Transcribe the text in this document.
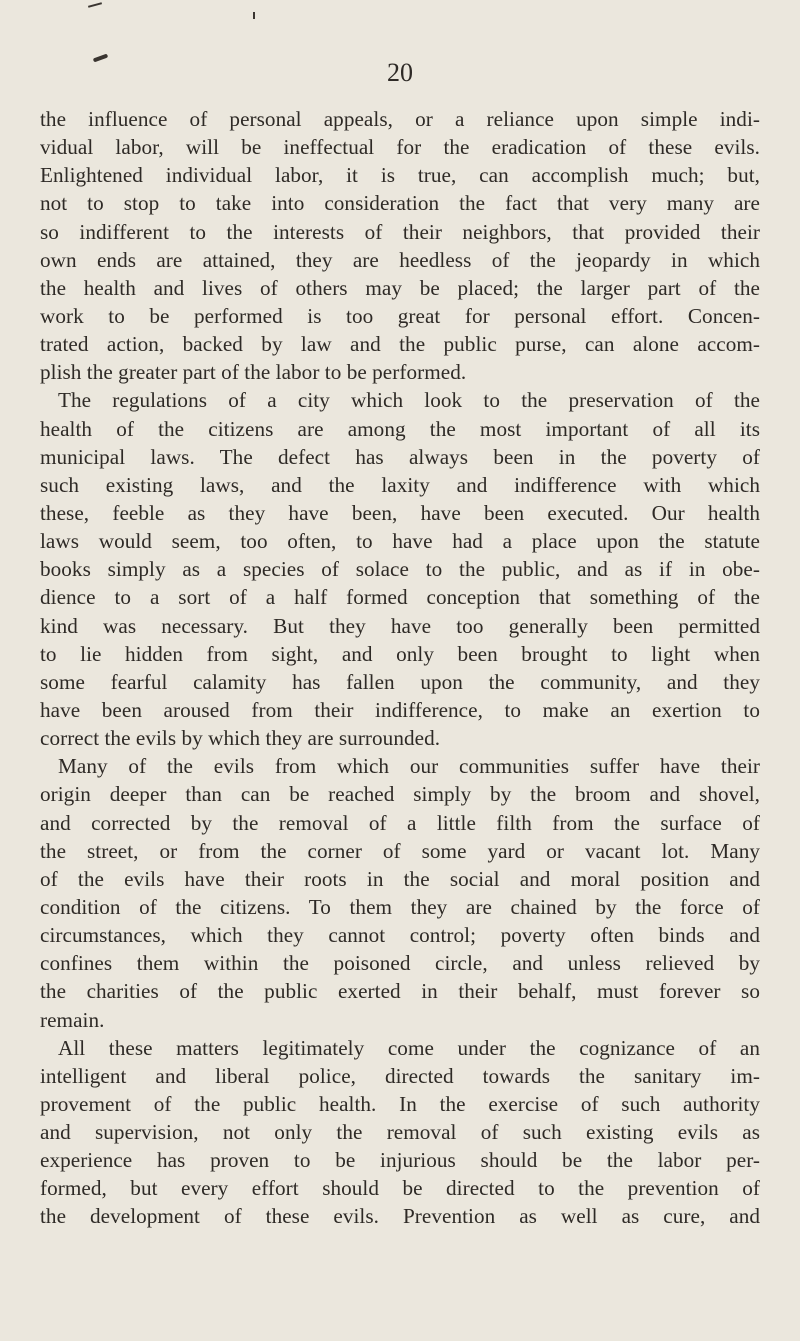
20
the influence of personal appeals, or a reliance upon simple indi-
vidual labor, will be ineffectual for the eradication of these evils.
Enlightened individual labor, it is true, can accomplish much; but,
not to stop to take into consideration the fact that very many are
so indifferent to the interests of their neighbors, that provided their
own ends are attained, they are heedless of the jeopardy in which
the health and lives of others may be placed; the larger part of the
work to be performed is too great for personal effort. Concen-
trated action, backed by law and the public purse, can alone accom-
plish the greater part of the labor to be performed.
The regulations of a city which look to the preservation of the
health of the citizens are among the most important of all its
municipal laws. The defect has always been in the poverty of
such existing laws, and the laxity and indifference with which
these, feeble as they have been, have been executed. Our health
laws would seem, too often, to have had a place upon the statute
books simply as a species of solace to the public, and as if in obe-
dience to a sort of a half formed conception that something of the
kind was necessary. But they have too generally been permitted
to lie hidden from sight, and only been brought to light when
some fearful calamity has fallen upon the community, and they
have been aroused from their indifference, to make an exertion to
correct the evils by which they are surrounded.
Many of the evils from which our communities suffer have their
origin deeper than can be reached simply by the broom and shovel,
and corrected by the removal of a little filth from the surface of
the street, or from the corner of some yard or vacant lot. Many
of the evils have their roots in the social and moral position and
condition of the citizens. To them they are chained by the force of
circumstances, which they cannot control; poverty often binds and
confines them within the poisoned circle, and unless relieved by
the charities of the public exerted in their behalf, must forever so
remain.
All these matters legitimately come under the cognizance of an
intelligent and liberal police, directed towards the sanitary im-
provement of the public health. In the exercise of such authority
and supervision, not only the removal of such existing evils as
experience has proven to be injurious should be the labor per-
formed, but every effort should be directed to the prevention of
the development of these evils. Prevention as well as cure, and
